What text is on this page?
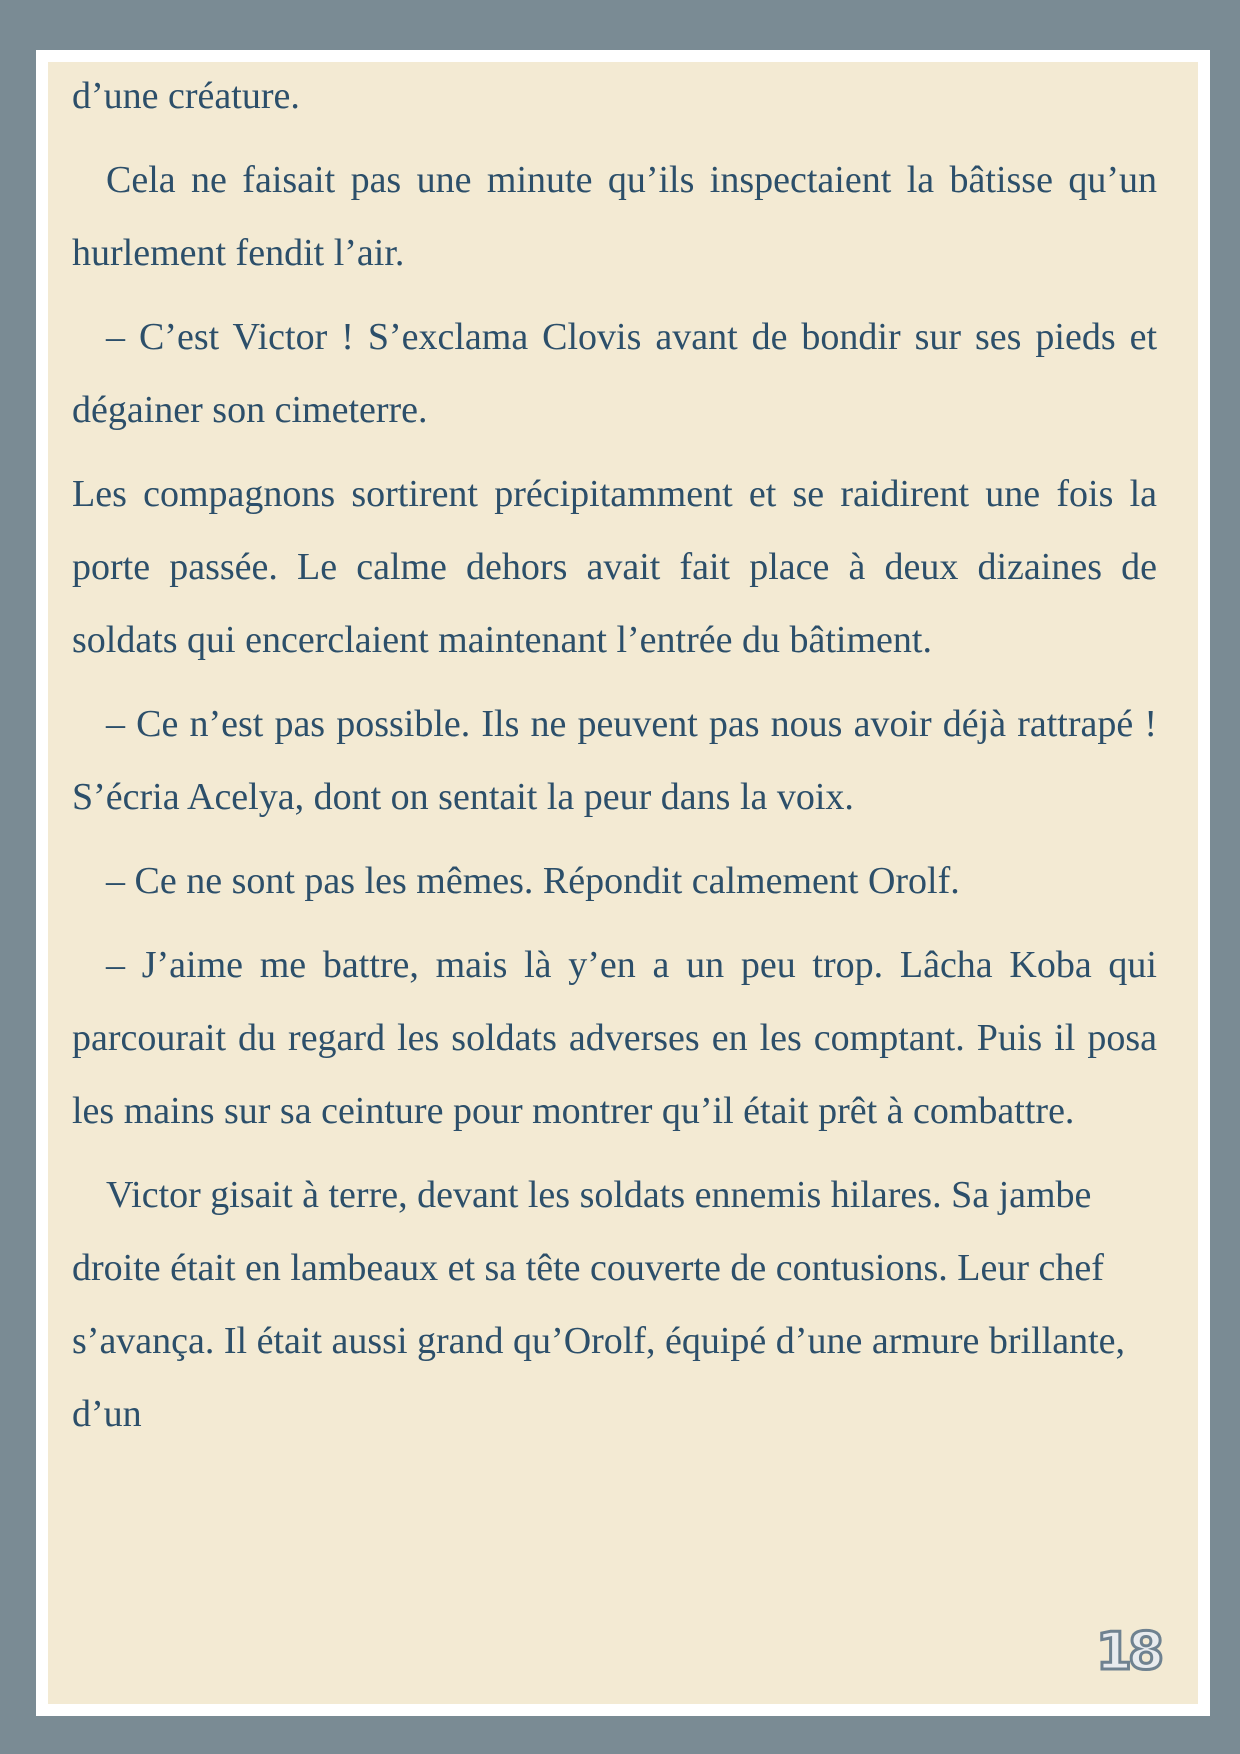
d’une créature.

Cela ne faisait pas une minute qu’ils inspectaient la bâtisse qu’un hurlement fendit l’air.

– C’est Victor ! S’exclama Clovis avant de bondir sur ses pieds et dégainer son cimeterre.

Les compagnons sortirent précipitamment et se raidirent une fois la porte passée. Le calme dehors avait fait place à deux dizaines de soldats qui encerclaient maintenant l’entrée du bâtiment.

– Ce n’est pas possible. Ils ne peuvent pas nous avoir déjà rattrapé ! S’écria Acelya, dont on sentait la peur dans la voix.

– Ce ne sont pas les mêmes. Répondit calmement Orolf.

– J’aime me battre, mais là y’en a un peu trop. Lâcha Koba qui parcourait du regard les soldats adverses en les comptant. Puis il posa les mains sur sa ceinture pour montrer qu’il était prêt à combattre.

Victor gisait à terre, devant les soldats ennemis hilares. Sa jambe droite était en lambeaux et sa tête couverte de contusions. Leur chef s’avança. Il était aussi grand qu’Orolf, équipé d’une armure brillante, d’un

18
